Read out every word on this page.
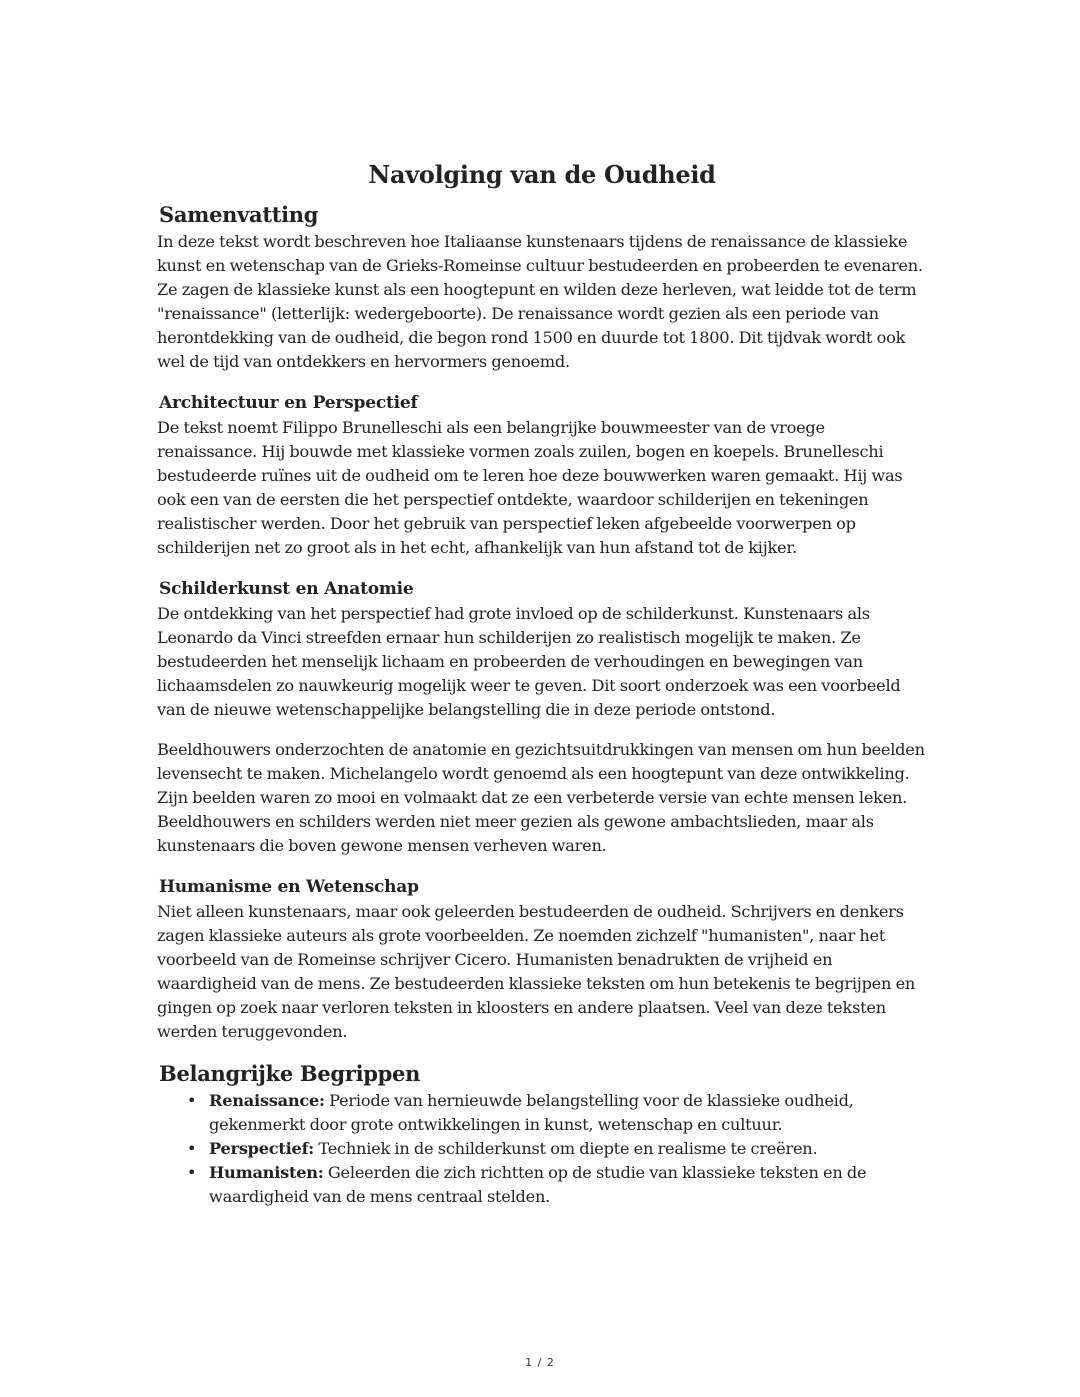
Navolging van de Oudheid
Samenvatting

In deze tekst wordt beschreven hoe Italiaanse kunstenaars tijdens de renaissance de klassieke kunst en wetenschap van de Grieks-Romeinse cultuur bestudeerden en probeerden te evenaren. Ze zagen de klassieke kunst als een hoogtepunt en wilden deze herleven, wat leidde tot de term "renaissance" (letterlijk: wedergeboorte). De renaissance wordt gezien als een periode van herontdekking van de oudheid, die begon rond 1500 en duurde tot 1800. Dit tijdvak wordt ook wel de tijd van ontdekkers en hervormers genoemd.

Architectuur en Perspectief

De tekst noemt Filippo Brunelleschi als een belangrijke bouwmeester van de vroege renaissance. Hij bouwde met klassieke vormen zoals zuilen, bogen en koepels. Brunelleschi bestudeerde ruïnes uit de oudheid om te leren hoe deze bouwwerken waren gemaakt. Hij was ook een van de eersten die het perspectief ontdekte, waardoor schilderijen en tekeningen realistischer werden. Door het gebruik van perspectief leken afgebeelde voorwerpen op schilderijen net zo groot als in het echt, afhankelijk van hun afstand tot de kijker.

Schilderkunst en Anatomie

De ontdekking van het perspectief had grote invloed op de schilderkunst. Kunstenaars als Leonardo da Vinci streefden ernaar hun schilderijen zo realistisch mogelijk te maken. Ze bestudeerden het menselijk lichaam en probeerden de verhoudingen en bewegingen van lichaamsdelen zo nauwkeurig mogelijk weer te geven. Dit soort onderzoek was een voorbeeld van de nieuwe wetenschappelijke belangstelling die in deze periode ontstond.

Beeldhouwers onderzochten de anatomie en gezichtsuitdrukkingen van mensen om hun beelden levensecht te maken. Michelangelo wordt genoemd als een hoogtepunt van deze ontwikkeling. Zijn beelden waren zo mooi en volmaakt dat ze een verbeterde versie van echte mensen leken. Beeldhouwers en schilders werden niet meer gezien als gewone ambachtslieden, maar als kunstenaars die boven gewone mensen verheven waren.

Humanisme en Wetenschap

Niet alleen kunstenaars, maar ook geleerden bestudeerden de oudheid. Schrijvers en denkers zagen klassieke auteurs als grote voorbeelden. Ze noemden zichzelf "humanisten", naar het voorbeeld van de Romeinse schrijver Cicero. Humanisten benadrukten de vrijheid en waardigheid van de mens. Ze bestudeerden klassieke teksten om hun betekenis te begrijpen en gingen op zoek naar verloren teksten in kloosters en andere plaatsen. Veel van deze teksten werden teruggevonden.

Belangrijke Begrippen
• Renaissance: Periode van hernieuwde belangstelling voor de klassieke oudheid, gekenmerkt door grote ontwikkelingen in kunst, wetenschap en cultuur.
• Perspectief: Techniek in de schilderkunst om diepte en realisme te creëren.
• Humanisten: Geleerden die zich richtten op de studie van klassieke teksten en de waardigheid van de mens centraal stelden.
1 / 2
